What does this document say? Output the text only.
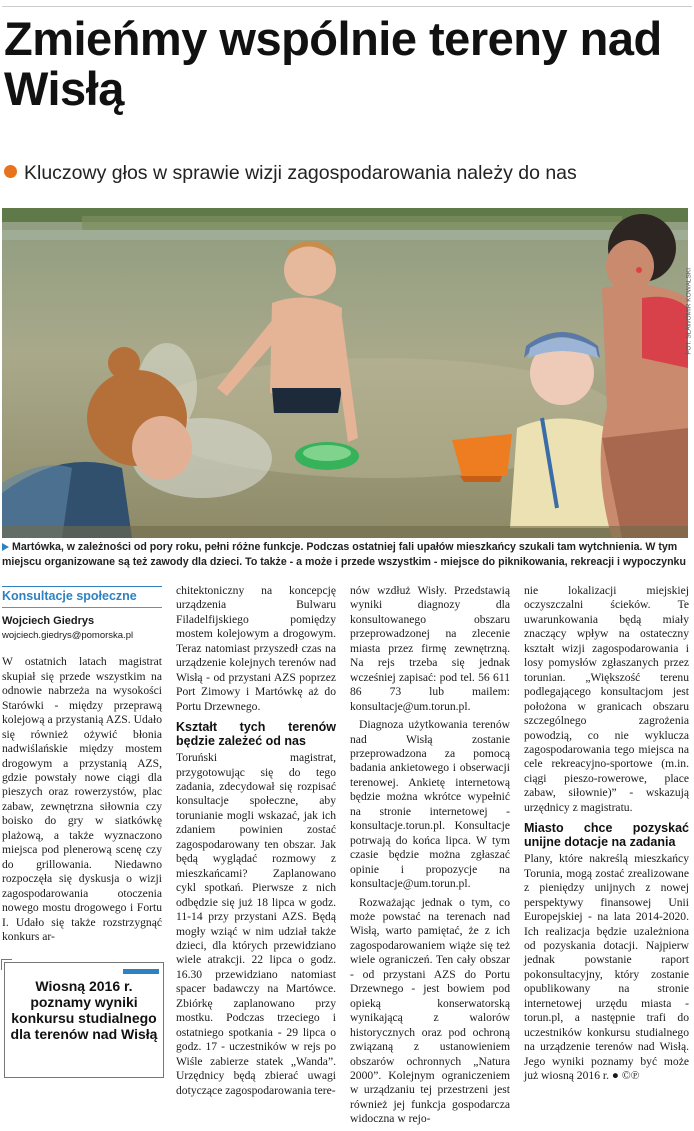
Zmieńmy wspólnie tereny nad Wisłą
Kluczowy głos w sprawie wizji zagospodarowania należy do nas
FOT. SŁAWOMIR KOWALSKI
Martówka, w zależności od pory roku, pełni różne funkcje. Podczas ostatniej fali upałów mieszkańcy szukali tam wytchnienia. W tym miejscu organizowane są też zawody dla dzieci. To także - a może i przede wszystkim - miejsce do piknikowania, rekreacji i wypoczynku
Konsultacje społeczne
Wojciech Giedrys
wojciech.giedrys@pomorska.pl

W ostatnich latach magistrat skupiał się przede wszystkim na odnowie nabrzeża na wysokości Starówki - między przeprawą kolejową a przystanią AZS. Udało się również ożywić błonia nadwiślańskie między mostem drogowym a przystanią AZS, gdzie powstały nowe ciągi dla pieszych oraz rowerzystów, plac zabaw, zewnętrzna siłownia czy boisko do gry w siatkówkę plażową, a także wyznaczono miejsca pod plenerową scenę czy do grillowania. Niedawno rozpoczęła się dyskusja o wizji zagospodarowania otoczenia nowego mostu drogowego i Fortu I. Udało się także rozstrzygnąć konkurs ar-

Wiosną 2016 r. poznamy wyniki konkursu studialnego dla terenów nad Wisłą

chitektoniczny na koncepcję urządzenia Bulwaru Filadelfijskiego pomiędzy mostem kolejowym a drogowym. Teraz natomiast przyszedł czas na urządzenie kolejnych terenów nad Wisłą - od przystani AZS poprzez Port Zimowy i Martówkę aż do Portu Drzewnego.

Kształt tych terenów będzie zależeć od nas

Toruński magistrat, przygotowując się do tego zadania, zdecydował się rozpisać konsultacje społeczne, aby torunianie mogli wskazać, jak ich zdaniem powinien zostać zagospodarowany ten obszar. Jak będą wyglądać rozmowy z mieszkańcami? Zaplanowano cykl spotkań. Pierwsze z nich odbędzie się już 18 lipca w godz. 11-14 przy przystani AZS. Będą mogły wziąć w nim udział także dzieci, dla których przewidziano wiele atrakcji. 22 lipca o godz. 16.30 przewidziano natomiast spacer badawczy na Martówce. Zbiórkę zaplanowano przy mostku. Podczas trzeciego i ostatniego spotkania - 29 lipca o godz. 17 - uczestników w rejs po Wiśle zabierze statek „Wanda”. Urzędnicy będą zbierać uwagi dotyczące zagospodarowania tere-

nów wzdłuż Wisły. Przedstawią wyniki diagnozy dla konsultowanego obszaru przeprowadzonej na zlecenie miasta przez firmę zewnętrzną. Na rejs trzeba się jednak wcześniej zapisać: pod tel. 56 611 86 73 lub mailem: konsultacje@um.torun.pl.

Diagnoza użytkowania terenów nad Wisłą zostanie przeprowadzona za pomocą badania ankietowego i obserwacji terenowej. Ankietę internetową będzie można wkrótce wypełnić na stronie internetowej - konsultacje.torun.pl. Konsultacje potrwają do końca lipca. W tym czasie będzie można zgłaszać opinie i propozycje na konsultacje@um.torun.pl.

Rozważając jednak o tym, co może powstać na terenach nad Wisłą, warto pamiętać, że z ich zagospodarowaniem wiąże się też wiele ograniczeń. Ten cały obszar - od przystani AZS do Portu Drzewnego - jest bowiem pod opieką konserwatorską wynikającą z walorów historycznych oraz pod ochroną związaną z ustanowieniem obszarów ochronnych „Natura 2000”. Kolejnym ograniczeniem w urządzaniu tej przestrzeni jest również jej funkcja gospodarcza widoczna w rejo-

nie lokalizacji miejskiej oczyszczalni ścieków. Te uwarunkowania będą miały znaczący wpływ na ostateczny kształt wizji zagospodarowania i losy pomysłów zgłaszanych przez torunian. „Większość terenu podlegającego konsultacjom jest położona w granicach obszaru szczególnego zagrożenia powodzią, co nie wyklucza zagospodarowania tego miejsca na cele rekreacyjno-sportowe (m.in. ciągi pieszo-rowerowe, place zabaw, siłownie)” - wskazują urzędnicy z magistratu.

Miasto chce pozyskać unijne dotacje na zadania

Plany, które nakreślą mieszkańcy Torunia, mogą zostać zrealizowane z pieniędzy unijnych z nowej perspektywy finansowej Unii Europejskiej - na lata 2014-2020. Ich realizacja będzie uzależniona od pozyskania dotacji. Najpierw jednak powstanie raport pokonsultacyjny, który zostanie opublikowany na stronie internetowej urzędu miasta - torun.pl, a następnie trafi do uczestników konkursu studialnego na urządzenie terenów nad Wisłą. Jego wyniki poznamy być może już wiosną 2016 r. ● ©℗
